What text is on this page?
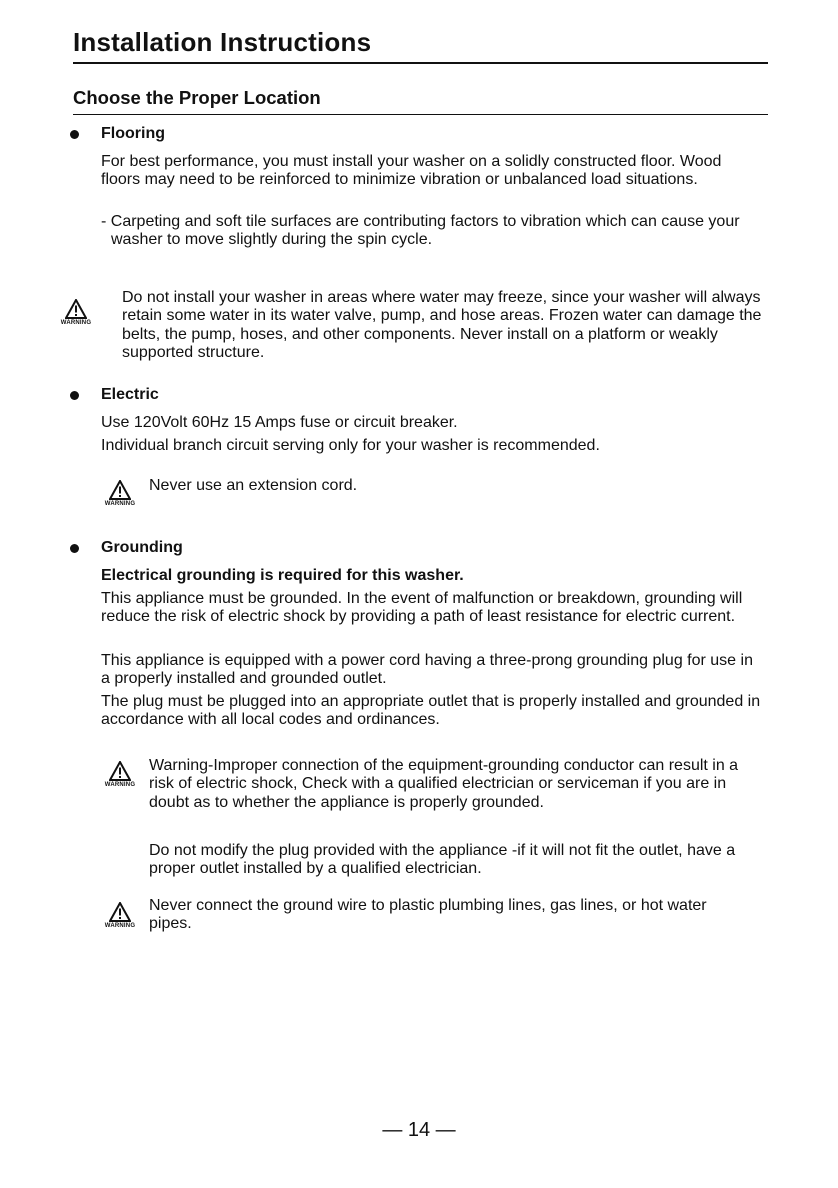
Installation Instructions
Choose the Proper Location
Flooring

For best performance, you must install your washer on a solidly constructed floor. Wood floors may need to be reinforced to minimize vibration or unbalanced load situations.

- Carpeting and soft tile surfaces are contributing factors to vibration which can cause your washer to move slightly during the spin cycle.

WARNING

Do not install your washer in areas where water may freeze, since your washer will always retain some water in its water valve, pump, and hose areas. Frozen water can damage the belts, the pump, hoses, and other components. Never install on a platform or weakly supported structure.

Electric

Use 120Volt 60Hz 15 Amps fuse or circuit breaker.

Individual branch circuit serving only for your washer is recommended.

WARNING

Never use an extension cord.

Grounding

Electrical grounding is required for this washer.

This appliance must be grounded. In the event of malfunction or breakdown, grounding will reduce the risk of electric shock by providing a path of least resistance for electric current.

This appliance is equipped with a power cord having a three-prong grounding plug for use in a properly installed and grounded outlet.

The plug must be plugged into an appropriate outlet that is properly installed and grounded in accordance with all local codes and ordinances.

WARNING

Warning-Improper connection of the equipment-grounding conductor can result in a risk of electric shock, Check with a qualified electrician or serviceman if you are in doubt as to whether the appliance is properly grounded.

Do not modify the plug provided with the appliance -if it will not fit the outlet, have a proper outlet installed by a qualified electrician.

WARNING

Never connect the ground wire to plastic plumbing lines, gas lines, or hot water pipes.

— 14 —
